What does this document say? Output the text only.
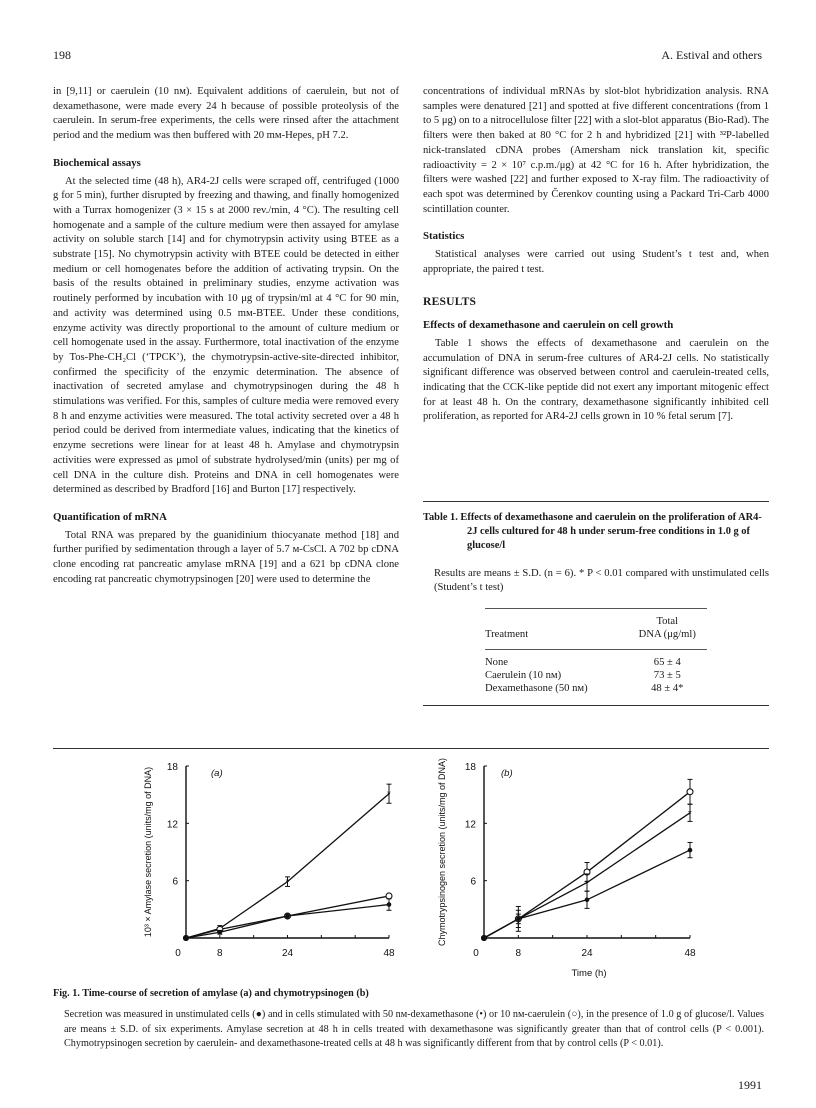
198	A. Estival and others

in [9,11] or caerulein (10 nм). Equivalent additions of caerulein, but not of dexamethasone, were made every 24 h because of possible proteolysis of the caerulein. In serum-free experiments, the cells were rinsed after the attachment period and the medium was then buffered with 20 mм-Hepes, pH 7.2.

Biochemical assays

At the selected time (48 h), AR4-2J cells were scraped off, centrifuged (1000 g for 5 min), further disrupted by freezing and thawing, and finally homogenized with a Turrax homogenizer (3 × 15 s at 2000 rev./min, 4 °C). The resulting cell homogenate and a sample of the culture medium were then assayed for amylase activity on soluble starch [14] and for chymotrypsin activity using BTEE as a substrate [15]. No chymotrypsin activity with BTEE could be detected in either medium or cell homogenates before the addition of activating trypsin. On the basis of the results obtained in preliminary studies, enzyme activation was routinely performed by incubation with 10 μg of trypsin/ml at 4 °C for 90 min, and activity was determined using 0.5 mм-BTEE. Under these conditions, enzyme activity was directly proportional to the amount of culture medium or cell homogenate used in the assay. Furthermore, total inactivation of the enzyme by Tos-Phe-CH₂Cl (‘TPCK’), the chymotrypsin-active-site-directed inhibitor, confirmed the specificity of the enzymic determination. The absence of inactivation of secreted amylase and chymotrypsinogen during the 48 h stimulations was verified. For this, samples of culture media were removed every 8 h and enzyme activities were measured. The total activity secreted over a 48 h period could be derived from intermediate values, indicating that the kinetics of enzyme secretions were linear for at least 48 h. Amylase and chymotrypsin activities were expressed as μmol of substrate hydrolysed/min (units) per mg of cell DNA in the culture dish. Proteins and DNA in cell homogenates were determined as described by Bradford [16] and Burton [17] respectively.

Quantification of mRNA

Total RNA was prepared by the guanidinium thiocyanate method [18] and further purified by sedimentation through a layer of 5.7 м-CsCl. A 702 bp cDNA clone encoding rat pancreatic amylase mRNA [19] and a 621 bp cDNA clone encoding rat pancreatic chymotrypsinogen [20] were used to determine the

concentrations of individual mRNAs by slot-blot hybridization analysis. RNA samples were denatured [21] and spotted at five different concentrations (from 1 to 5 μg) on to a nitrocellulose filter [22] with a slot-blot apparatus (Bio-Rad). The filters were then baked at 80 °C for 2 h and hybridized [21] with ³²P-labelled nick-translated cDNA probes (Amersham nick translation kit, specific radioactivity = 2 × 10⁷ c.p.m./μg) at 42 °C for 16 h. After hybridization, the filters were washed [22] and further exposed to X-ray film. The radioactivity of each spot was determined by Čerenkov counting using a Packard Tri-Carb 4000 scintillation counter.

Statistics

Statistical analyses were carried out using Student’s t test and, when appropriate, the paired t test.

RESULTS
Effects of dexamethasone and caerulein on cell growth

Table 1 shows the effects of dexamethasone and caerulein on the accumulation of DNA in serum-free cultures of AR4-2J cells. No statistically significant difference was observed between control and caerulein-treated cells, indicating that the CCK-like peptide did not exert any important mitogenic effect for at least 48 h. On the contrary, dexamethasone significantly inhibited cell proliferation, as reported for AR4-2J cells grown in 10 % fetal serum [7].

Table 1. Effects of dexamethasone and caerulein on the proliferation of AR4-2J cells cultured for 48 h under serum-free conditions in 1.0 g of glucose/l
Results are means ± S.D. (n = 6). * P < 0.01 compared with unstimulated cells (Student’s t test)
Treatment	Total
DNA (μg/ml)

None	65 ± 4
Caerulein (10 nм)	73 ± 5
Dexamethasone (50 nм)	48 ± 4*
6
12
18
0	8	24	48
(a)
10³ × Amylase secretion (units/mg of DNA)	*
*
6
12
18
0	8	24	48
(b)
Chymotrypsinogen secretion (units/mg of DNA)
Time (h)
*
*
Fig. 1. Time-course of secretion of amylase (a) and chymotrypsinogen (b)
Secretion was measured in unstimulated cells (●) and in cells stimulated with 50 nм-dexamethasone (•) or 10 nм-caerulein (○), in the presence of 1.0 g of glucose/l. Values are means ± S.D. of six experiments. Amylase secretion at 48 h in cells treated with dexamethasone was significantly greater than that of control cells (P < 0.001). Chymotrypsinogen secretion by caerulein- and dexamethasone-treated cells at 48 h was significantly different from that by control cells (P < 0.01).
1991
